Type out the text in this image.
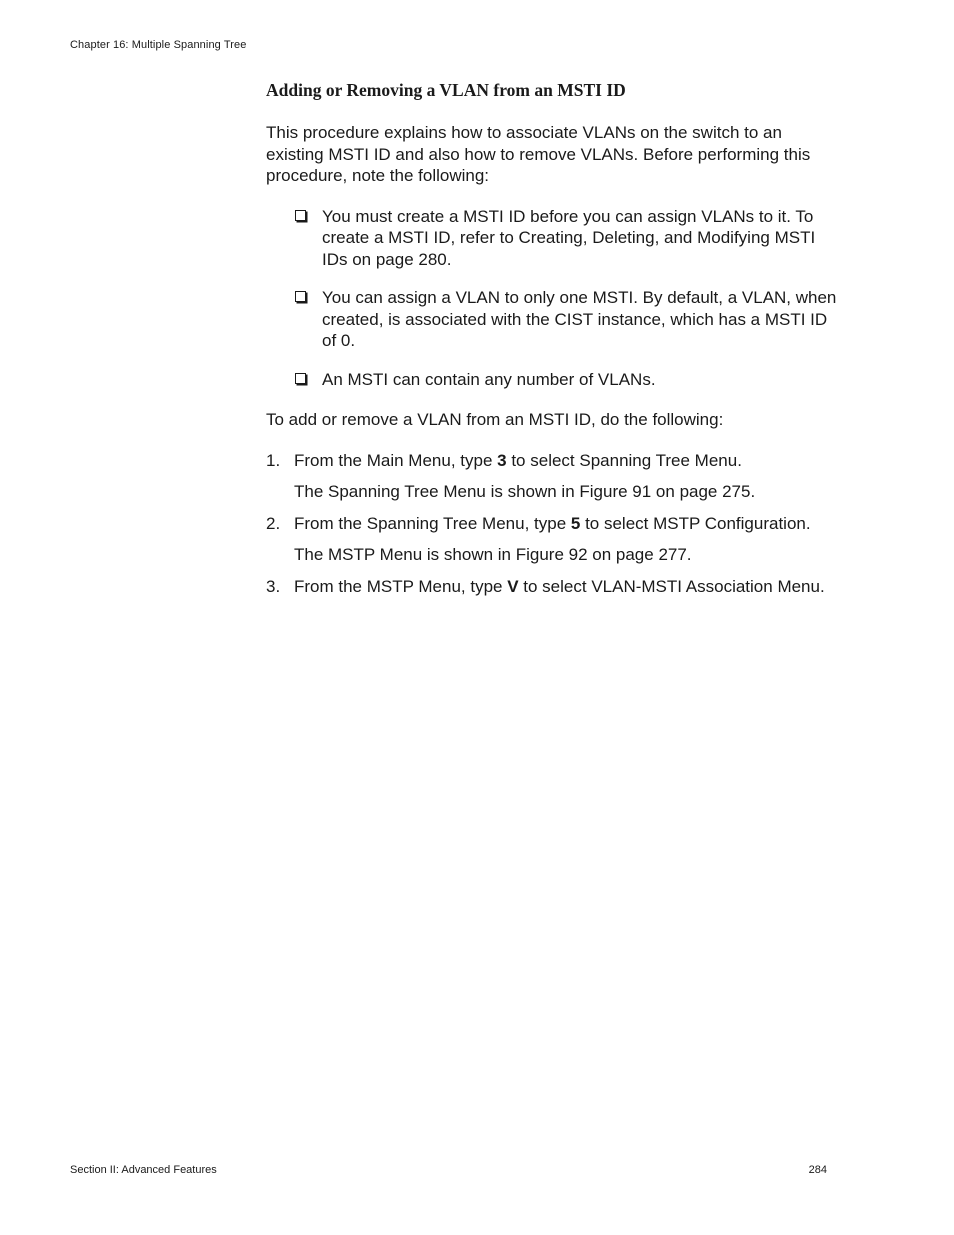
Chapter 16: Multiple Spanning Tree
Adding or Removing a VLAN from an MSTI ID

This procedure explains how to associate VLANs on the switch to an existing MSTI ID and also how to remove VLANs. Before performing this procedure, note the following:

You must create a MSTI ID before you can assign VLANs to it. To create a MSTI ID, refer to Creating, Deleting, and Modifying MSTI IDs on page 280.
You can assign a VLAN to only one MSTI. By default, a VLAN, when created, is associated with the CIST instance, which has a MSTI ID of 0.
An MSTI can contain any number of VLANs.

To add or remove a VLAN from an MSTI ID, do the following:

1. From the Main Menu, type 3 to select Spanning Tree Menu.
The Spanning Tree Menu is shown in Figure 91 on page 275.
2. From the Spanning Tree Menu, type 5 to select MSTP Configuration.
The MSTP Menu is shown in Figure 92 on page 277.
3. From the MSTP Menu, type V to select VLAN-MSTI Association Menu.
Section II: Advanced Features	284
